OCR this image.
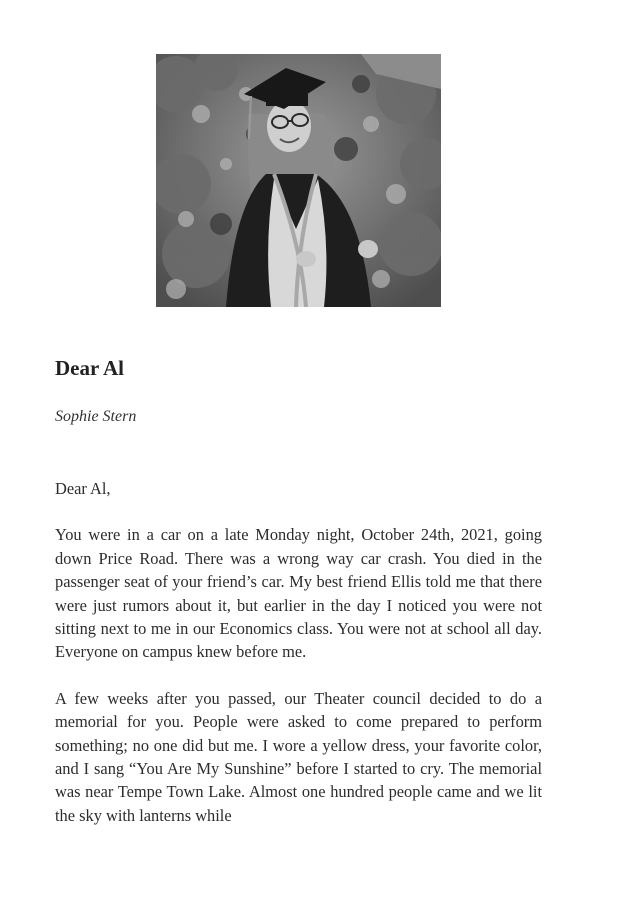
Dear Al
Sophie Stern

Dear Al,

You were in a car on a late Monday night, October 24th, 2021, going down Price Road. There was a wrong way car crash. You died in the passenger seat of your friend’s car. My best friend Ellis told me that there were just rumors about it, but earlier in the day I noticed you were not sitting next to me in our Economics class. You were not at school all day. Everyone on campus knew before me.

A few weeks after you passed, our Theater council decided to do a memorial for you. People were asked to come prepared to perform something; no one did but me. I wore a yellow dress, your favorite color, and I sang “You Are My Sunshine” before I started to cry. The memorial was near Tempe Town Lake. Almost one hundred people came and we lit the sky with lanterns while
